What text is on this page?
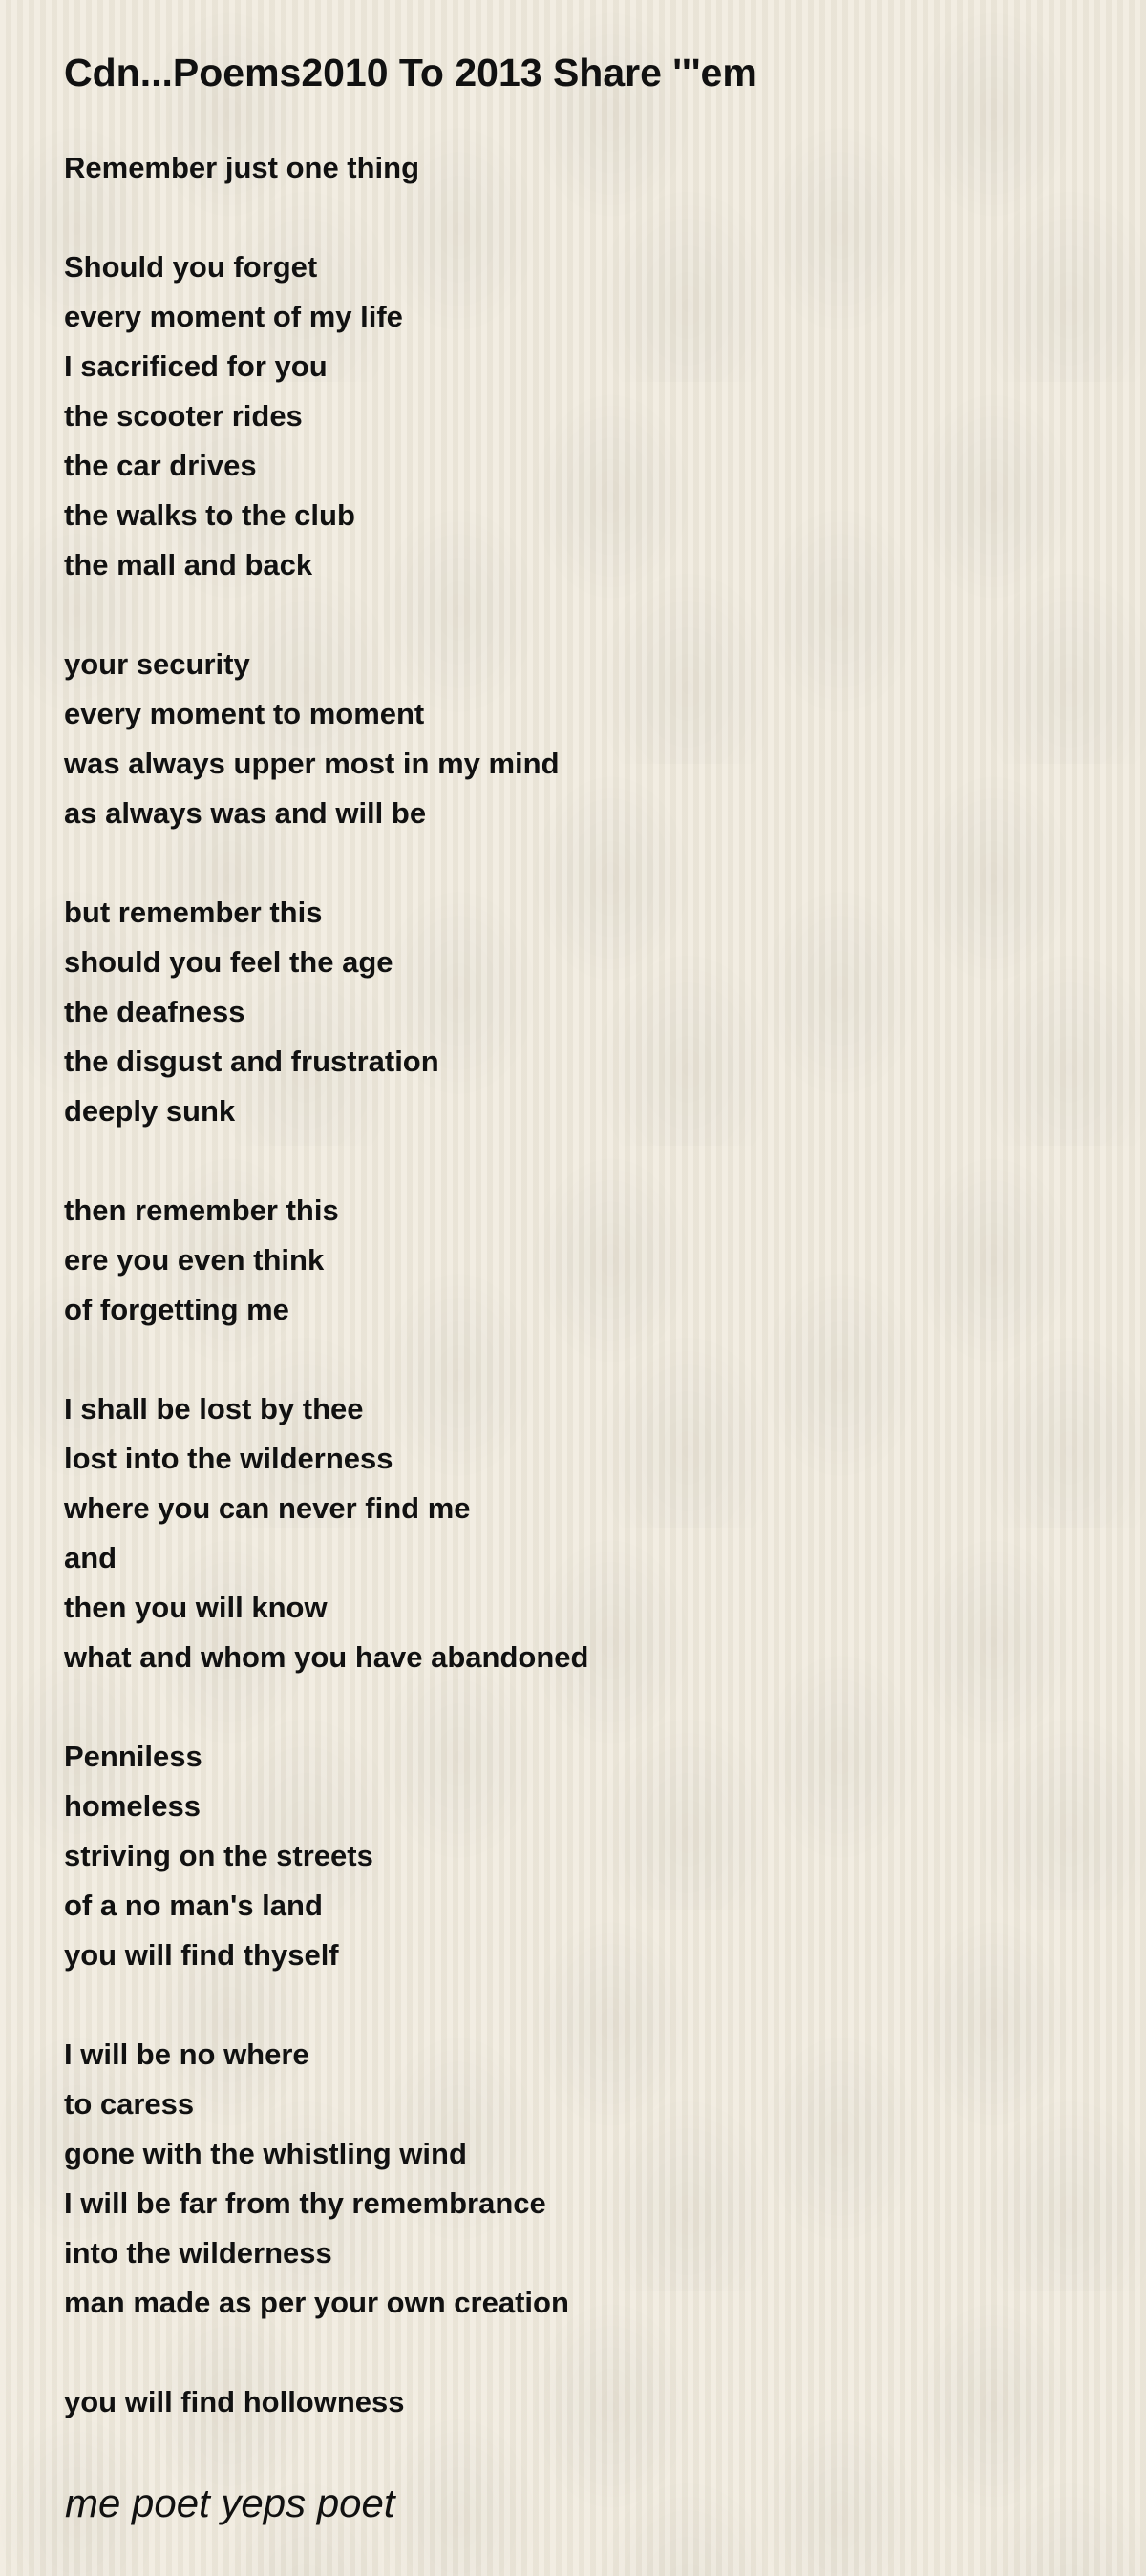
Cdn...Poems2010 To 2013 Share '''em
Remember just one thing
Should you forget
every moment of my life
I sacrificed for you
the scooter rides
the car drives
the walks to the club
the mall and back
your security
every moment to moment
was always upper most in my mind
as always was and will be
but remember this
should you feel the age
the deafness
the disgust and frustration
deeply sunk
then remember this
ere you even think
of forgetting me
I shall be lost by thee
lost into the wilderness
where you can never find me
and
then you will know
what and whom you have abandoned
Penniless
homeless
striving on the streets
of a no man's land
you will find thyself
I will be no where
to caress
gone with the whistling wind
I will be far from thy remembrance
into the wilderness
man made as per your own creation
you will find hollowness
me poet yeps poet
